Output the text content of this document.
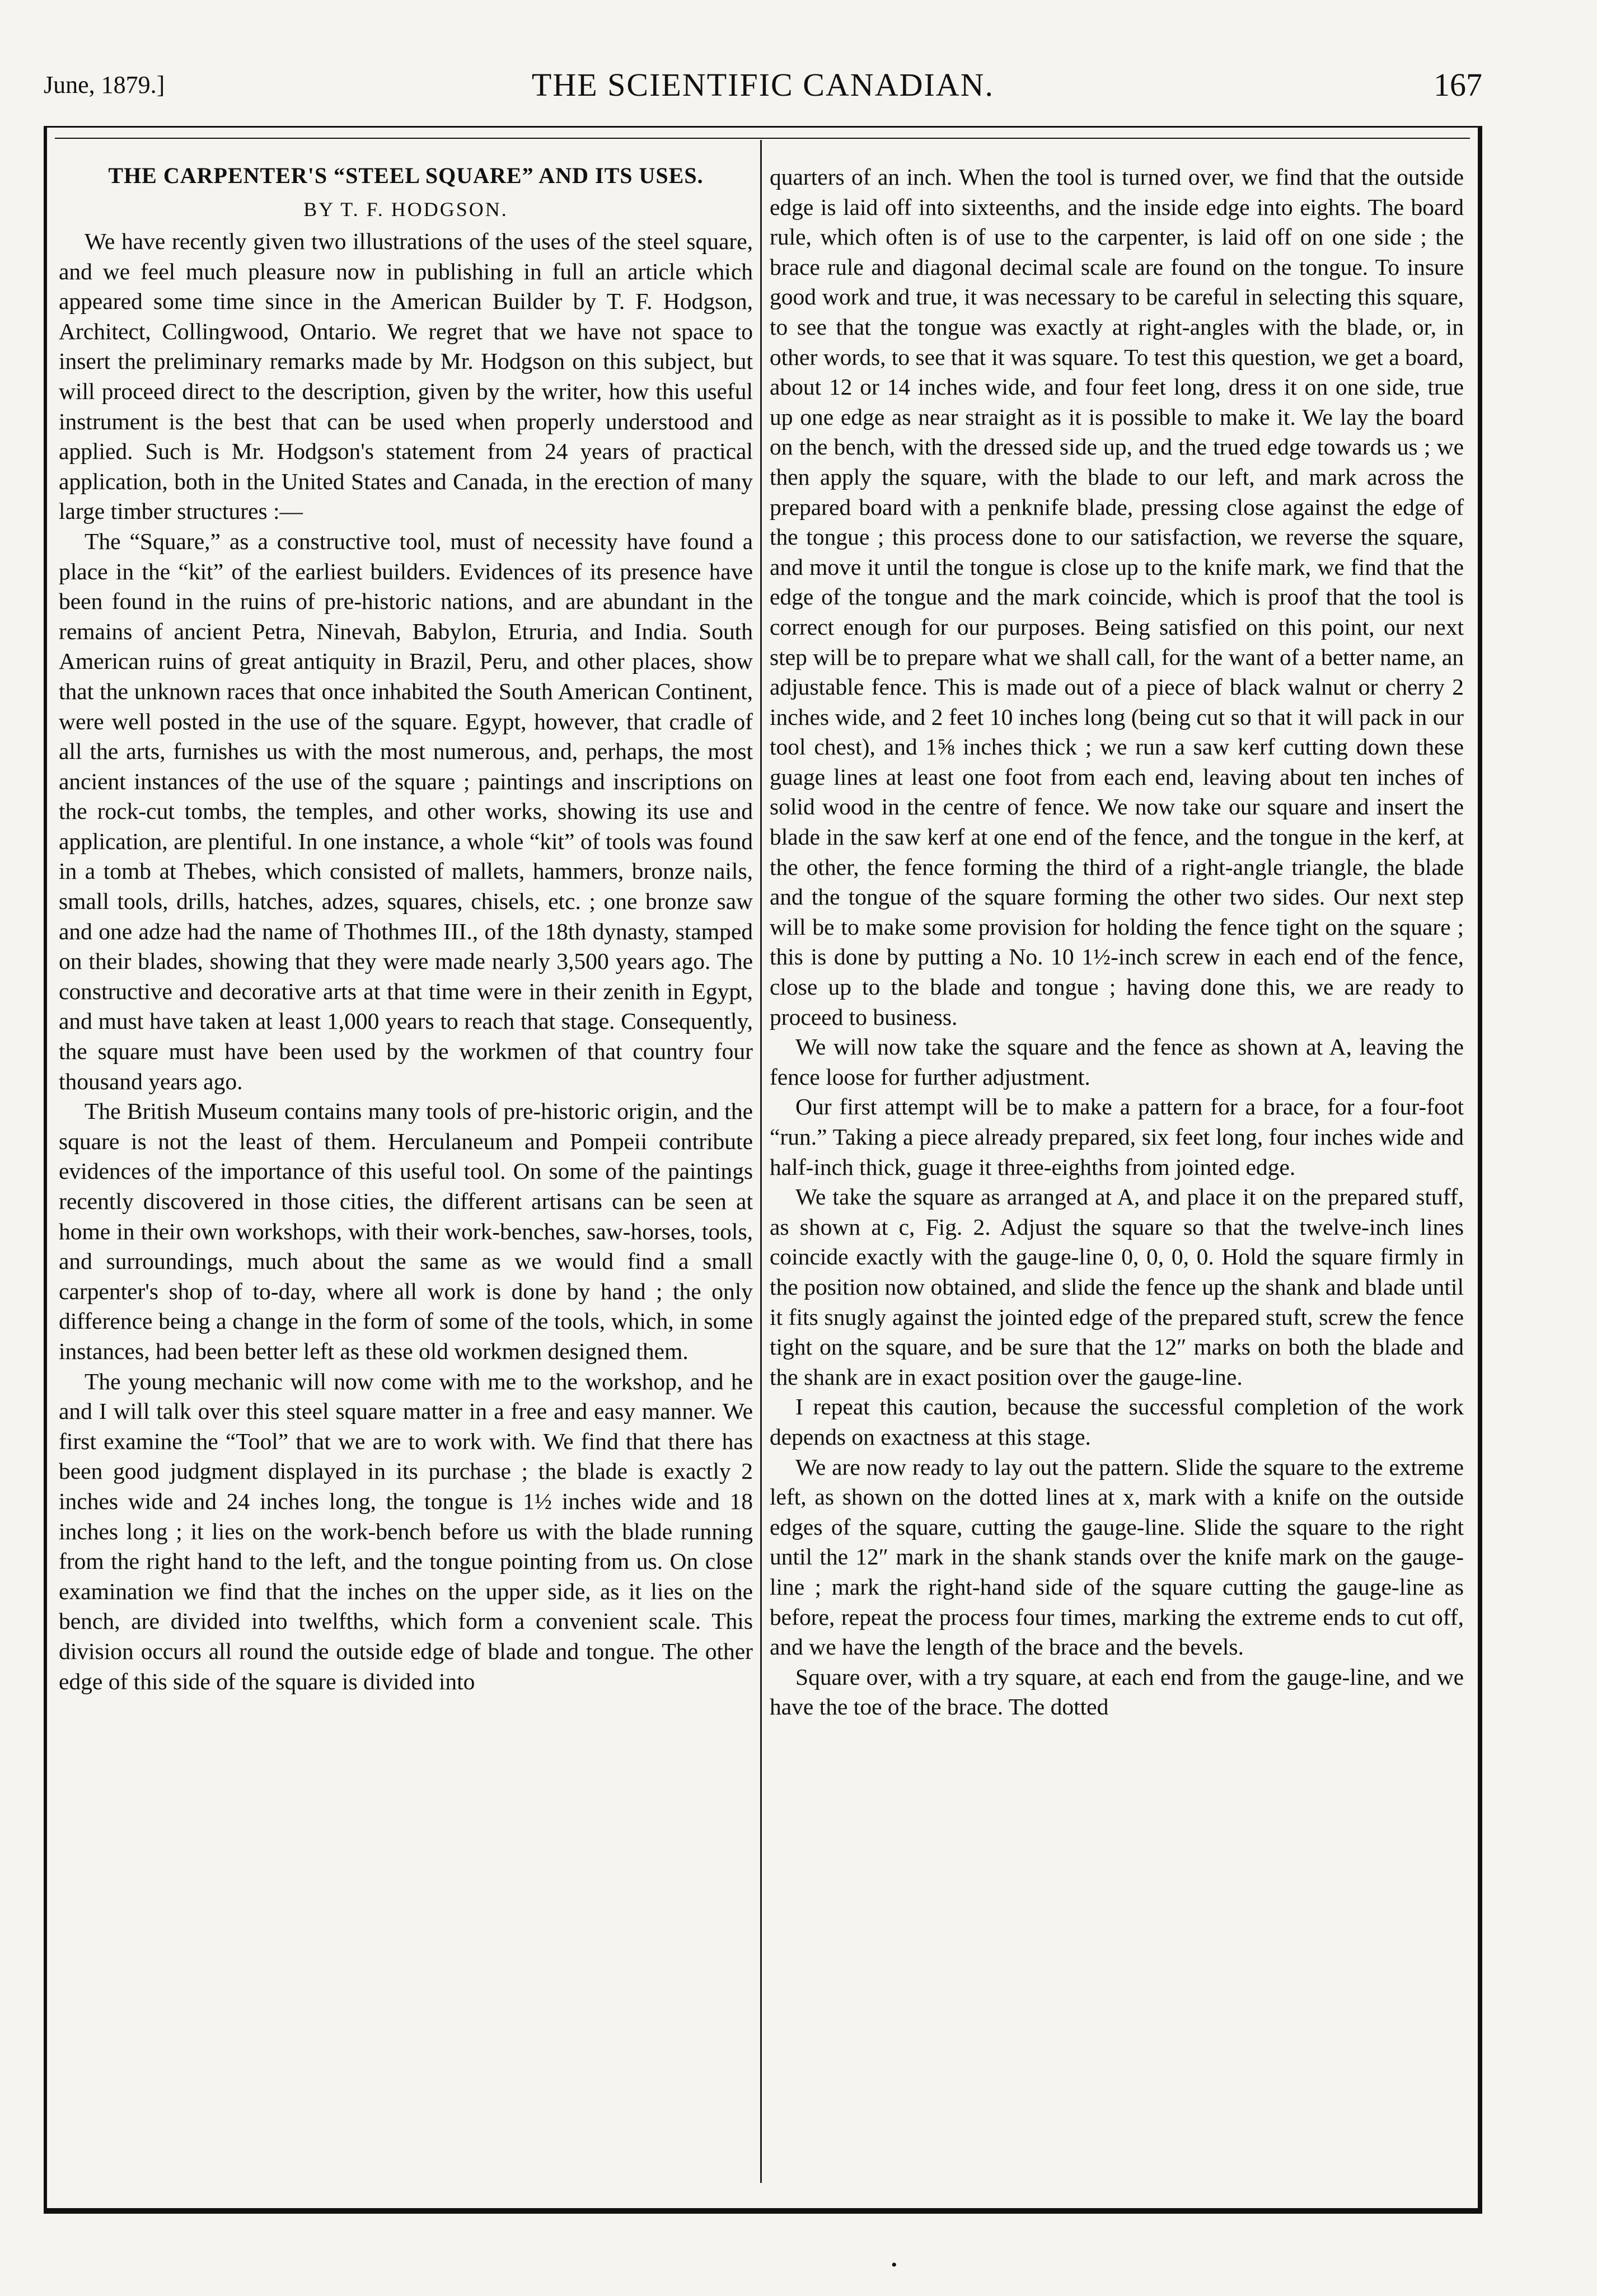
June, 1879.]	THE SCIENTIFIC CANADIAN.	167
THE CARPENTER'S “STEEL SQUARE” AND ITS USES.
BY T. F. HODGSON.

We have recently given two illustrations of the uses of the steel square, and we feel much pleasure now in publishing in full an article which appeared some time since in the American Builder by T. F. Hodgson, Architect, Collingwood, Ontario. We regret that we have not space to insert the preliminary remarks made by Mr. Hodgson on this subject, but will proceed direct to the description, given by the writer, how this useful instrument is the best that can be used when properly understood and applied. Such is Mr. Hodgson's statement from 24 years of practical application, both in the United States and Canada, in the erection of many large timber structures :—

The “Square,” as a constructive tool, must of necessity have found a place in the “kit” of the earliest builders. Evidences of its presence have been found in the ruins of pre-historic nations, and are abundant in the remains of ancient Petra, Ninevah, Babylon, Etruria, and India. South American ruins of great antiquity in Brazil, Peru, and other places, show that the unknown races that once inhabited the South American Continent, were well posted in the use of the square. Egypt, however, that cradle of all the arts, furnishes us with the most numerous, and, perhaps, the most ancient instances of the use of the square ; paintings and inscriptions on the rock-cut tombs, the temples, and other works, showing its use and application, are plentiful. In one instance, a whole “kit” of tools was found in a tomb at Thebes, which consisted of mallets, hammers, bronze nails, small tools, drills, hatches, adzes, squares, chisels, etc. ; one bronze saw and one adze had the name of Thothmes III., of the 18th dynasty, stamped on their blades, showing that they were made nearly 3,500 years ago. The constructive and decorative arts at that time were in their zenith in Egypt, and must have taken at least 1,000 years to reach that stage. Consequently, the square must have been used by the workmen of that country four thousand years ago.

The British Museum contains many tools of pre-historic origin, and the square is not the least of them. Herculaneum and Pompeii contribute evidences of the importance of this useful tool. On some of the paintings recently discovered in those cities, the different artisans can be seen at home in their own workshops, with their work-benches, saw-horses, tools, and surroundings, much about the same as we would find a small carpenter's shop of to-day, where all work is done by hand ; the only difference being a change in the form of some of the tools, which, in some instances, had been better left as these old workmen designed them.

The young mechanic will now come with me to the workshop, and he and I will talk over this steel square matter in a free and easy manner. We first examine the “Tool” that we are to work with. We find that there has been good judgment displayed in its purchase ; the blade is exactly 2 inches wide and 24 inches long, the tongue is 1½ inches wide and 18 inches long ; it lies on the work-bench before us with the blade running from the right hand to the left, and the tongue pointing from us. On close examination we find that the inches on the upper side, as it lies on the bench, are divided into twelfths, which form a convenient scale. This division occurs all round the outside edge of blade and tongue. The other edge of this side of the square is divided into

quarters of an inch. When the tool is turned over, we find that the outside edge is laid off into sixteenths, and the inside edge into eights. The board rule, which often is of use to the carpenter, is laid off on one side ; the brace rule and diagonal decimal scale are found on the tongue. To insure good work and true, it was necessary to be careful in selecting this square, to see that the tongue was exactly at right-angles with the blade, or, in other words, to see that it was square. To test this question, we get a board, about 12 or 14 inches wide, and four feet long, dress it on one side, true up one edge as near straight as it is possible to make it. We lay the board on the bench, with the dressed side up, and the trued edge towards us ; we then apply the square, with the blade to our left, and mark across the prepared board with a penknife blade, pressing close against the edge of the tongue ; this process done to our satisfaction, we reverse the square, and move it until the tongue is close up to the knife mark, we find that the edge of the tongue and the mark coincide, which is proof that the tool is correct enough for our purposes. Being satisfied on this point, our next step will be to prepare what we shall call, for the want of a better name, an adjustable fence. This is made out of a piece of black walnut or cherry 2 inches wide, and 2 feet 10 inches long (being cut so that it will pack in our tool chest), and 1⅝ inches thick ; we run a saw kerf cutting down these guage lines at least one foot from each end, leaving about ten inches of solid wood in the centre of fence. We now take our square and insert the blade in the saw kerf at one end of the fence, and the tongue in the kerf, at the other, the fence forming the third of a right-angle triangle, the blade and the tongue of the square forming the other two sides. Our next step will be to make some provision for holding the fence tight on the square ; this is done by putting a No. 10 1½-inch screw in each end of the fence, close up to the blade and tongue ; having done this, we are ready to proceed to business.

We will now take the square and the fence as shown at A, leaving the fence loose for further adjustment.

Our first attempt will be to make a pattern for a brace, for a four-foot “run.” Taking a piece already prepared, six feet long, four inches wide and half-inch thick, guage it three-eighths from jointed edge.

We take the square as arranged at A, and place it on the prepared stuff, as shown at c, Fig. 2. Adjust the square so that the twelve-inch lines coincide exactly with the gauge-line 0, 0, 0, 0. Hold the square firmly in the position now obtained, and slide the fence up the shank and blade until it fits snugly against the jointed edge of the prepared stuft, screw the fence tight on the square, and be sure that the 12″ marks on both the blade and the shank are in exact position over the gauge-line.

I repeat this caution, because the successful completion of the work depends on exactness at this stage.

We are now ready to lay out the pattern. Slide the square to the extreme left, as shown on the dotted lines at x, mark with a knife on the outside edges of the square, cutting the gauge-line. Slide the square to the right until the 12″ mark in the shank stands over the knife mark on the gauge-line ; mark the right-hand side of the square cutting the gauge-line as before, repeat the process four times, marking the extreme ends to cut off, and we have the length of the brace and the bevels.

Square over, with a try square, at each end from the gauge-line, and we have the toe of the brace. The dotted

•
